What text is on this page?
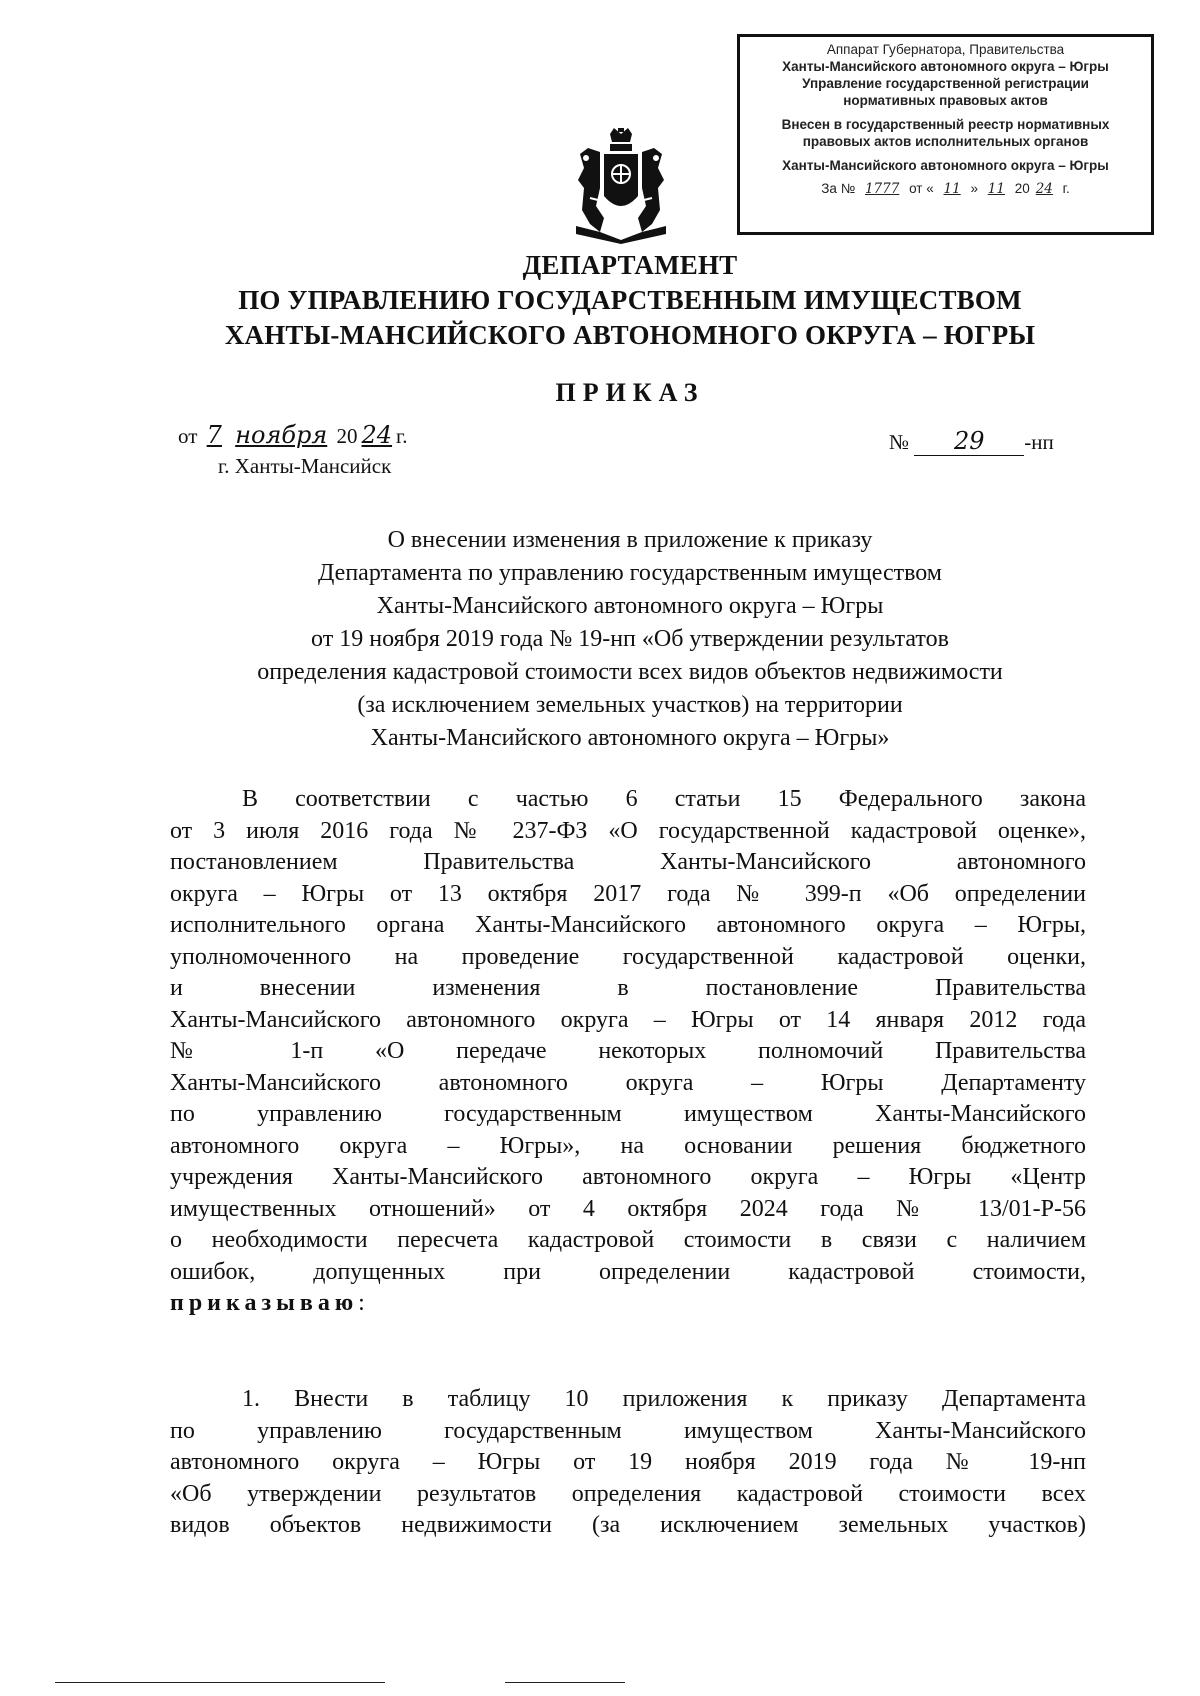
Аппарат Губернатора, Правительства
Ханты-Мансийского автономного округа – Югры
Управление государственной регистрации
нормативных правовых актов
Внесен в государственный реестр нормативных
правовых актов исполнительных органов
Ханты-Мансийского автономного округа – Югры
За № 1777 от « 11 » 11 20 24 г.
ДЕПАРТАМЕНТ
ПО УПРАВЛЕНИЮ ГОСУДАРСТВЕННЫМ ИМУЩЕСТВОМ
ХАНТЫ-МАНСИЙСКОГО АВТОНОМНОГО ОКРУГА – ЮГРЫ
ПРИКАЗ
от 7 ноября 20 24 г.
г. Ханты-Мансийск
№ 29 -нп
О внесении изменения в приложение к приказу
Департамента по управлению государственным имуществом
Ханты-Мансийского автономного округа – Югры
от 19 ноября 2019 года № 19-нп «Об утверждении результатов
определения кадастровой стоимости всех видов объектов недвижимости
(за исключением земельных участков) на территории
Ханты-Мансийского автономного округа – Югры»
В соответствии с частью 6 статьи 15 Федерального закона
от 3 июля 2016 года № 237-ФЗ «О государственной кадастровой оценке»,
постановлением Правительства Ханты-Мансийского автономного
округа – Югры от 13 октября 2017 года № 399-п «Об определении
исполнительного органа Ханты-Мансийского автономного округа – Югры,
уполномоченного на проведение государственной кадастровой оценки,
и внесении изменения в постановление Правительства
Ханты-Мансийского автономного округа – Югры от 14 января 2012 года
№ 1-п «О передаче некоторых полномочий Правительства
Ханты-Мансийского автономного округа – Югры Департаменту
по управлению государственным имуществом Ханты-Мансийского
автономного округа – Югры», на основании решения бюджетного
учреждения Ханты-Мансийского автономного округа – Югры «Центр
имущественных отношений» от 4 октября 2024 года № 13/01-Р-56
о необходимости пересчета кадастровой стоимости в связи с наличием
ошибок, допущенных при определении кадастровой стоимости,
приказываю:
1. Внести в таблицу 10 приложения к приказу Департамента
по управлению государственным имуществом Ханты-Мансийского
автономного округа – Югры от 19 ноября 2019 года № 19-нп
«Об утверждении результатов определения кадастровой стоимости всех
видов объектов недвижимости (за исключением земельных участков)
